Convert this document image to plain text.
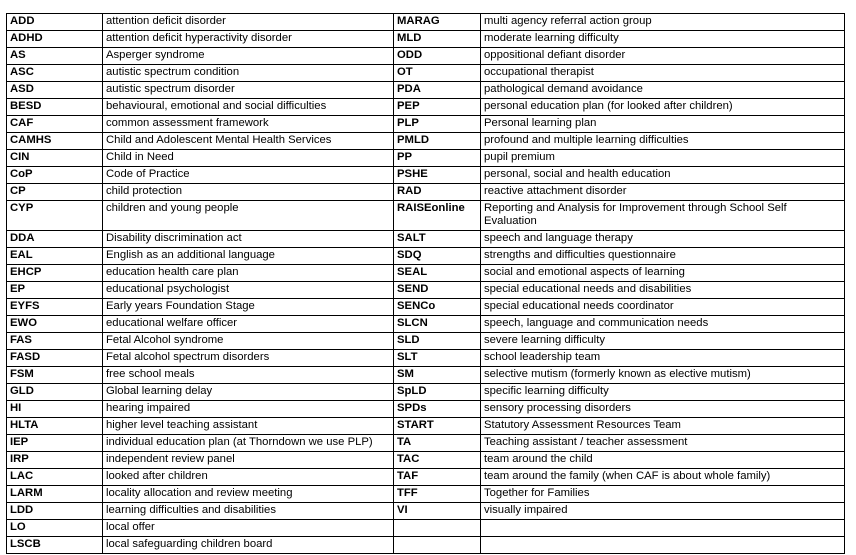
ADD	attention deficit disorder	MARAG	multi agency referral action group
ADHD	attention deficit hyperactivity disorder	MLD	moderate learning difficulty
AS	Asperger syndrome	ODD	oppositional defiant disorder
ASC	autistic spectrum condition	OT	occupational therapist
ASD	autistic spectrum disorder	PDA	pathological demand avoidance
BESD	behavioural, emotional and social difficulties	PEP	personal education plan (for looked after children)
CAF	common assessment framework	PLP	Personal learning plan
CAMHS	Child and Adolescent Mental Health Services	PMLD	profound and multiple learning difficulties
CIN	Child in Need	PP	pupil premium
CoP	Code of Practice	PSHE	personal, social and health education
CP	child protection	RAD	reactive attachment disorder
CYP	children and young people	RAISEonline	Reporting and Analysis for Improvement through School Self Evaluation
DDA	Disability discrimination act	SALT	speech and language therapy
EAL	English as an additional language	SDQ	strengths and difficulties questionnaire
EHCP	education health care plan	SEAL	social and emotional aspects of learning
EP	educational psychologist	SEND	special educational needs and disabilities
EYFS	Early years Foundation Stage	SENCo	special educational needs coordinator
EWO	educational welfare officer	SLCN	speech, language and communication needs
FAS	Fetal Alcohol syndrome	SLD	severe learning difficulty
FASD	Fetal alcohol spectrum disorders	SLT	school leadership team
FSM	free school meals	SM	selective mutism (formerly known as elective mutism)
GLD	Global learning delay	SpLD	specific learning difficulty
HI	hearing impaired	SPDs	sensory processing disorders
HLTA	higher level teaching assistant	START	Statutory Assessment Resources Team
IEP	individual education plan (at Thorndown we use PLP)	TA	Teaching assistant / teacher assessment
IRP	independent review panel	TAC	team around the child
LAC	looked after children	TAF	team around the family (when CAF is about whole family)
LARM	locality allocation and review meeting	TFF	Together for Families
LDD	learning difficulties and disabilities	VI	visually impaired
LO	local offer		
LSCB	local safeguarding children board		
